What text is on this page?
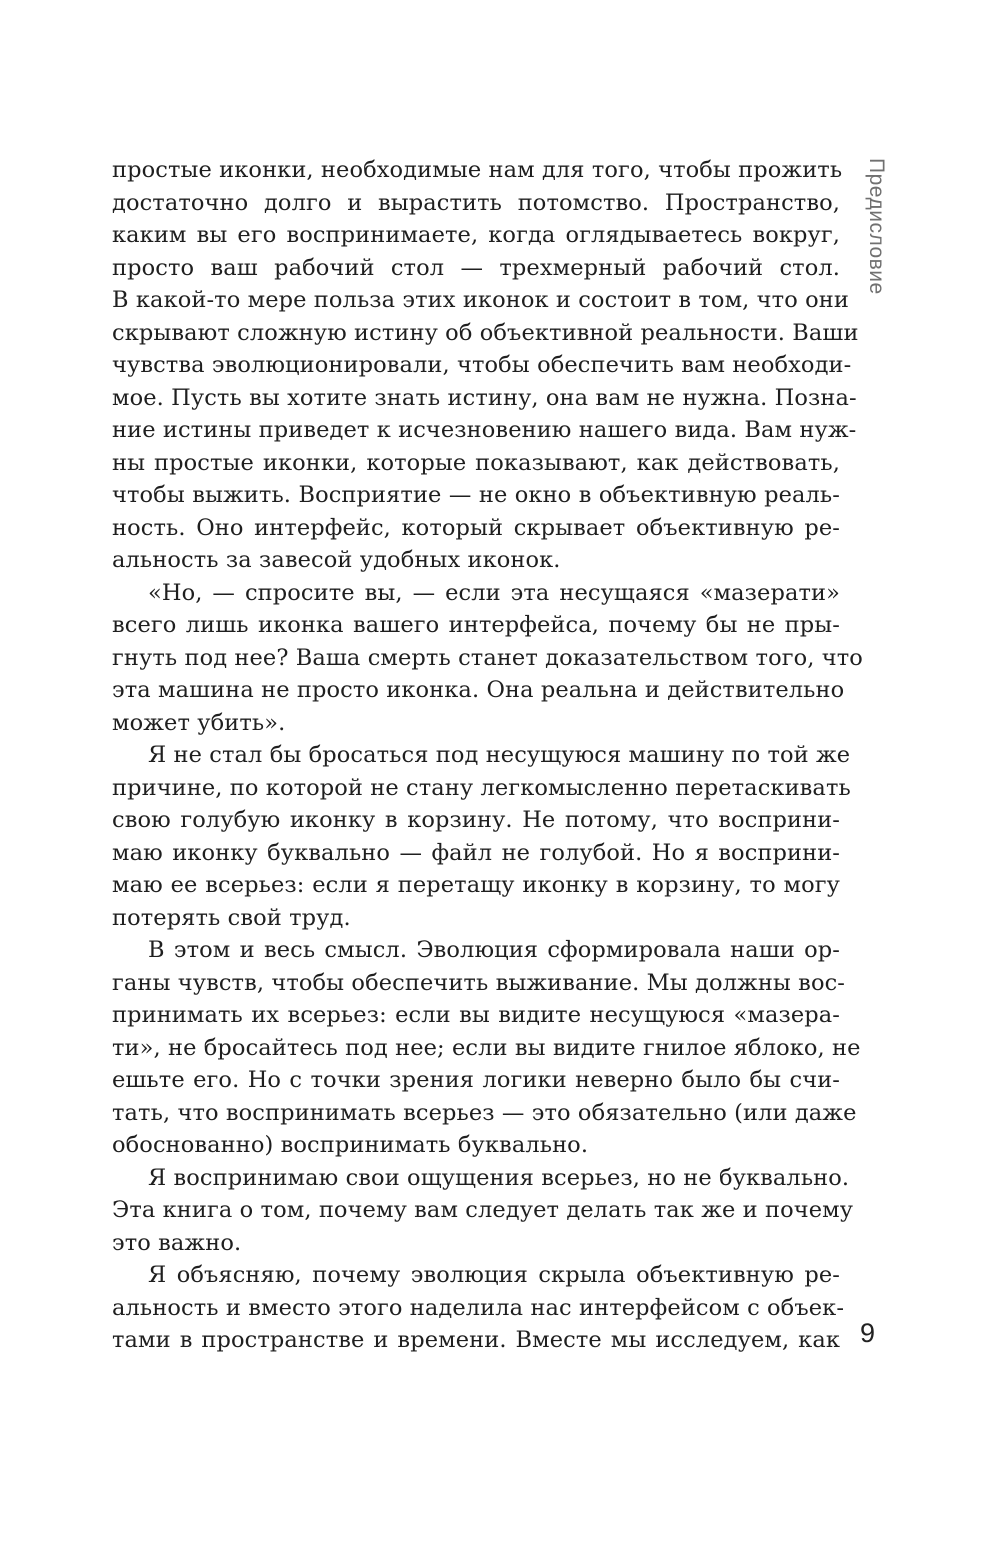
Предисловие
простые иконки, необходимые нам для того, чтобы прожить
достаточно долго и вырастить потомство. Пространство,
каким вы его воспринимаете, когда оглядываетесь вокруг,
просто ваш рабочий стол — трехмерный рабочий стол.
В какой-то мере польза этих иконок и состоит в том, что они
скрывают сложную истину об объективной реальности. Ваши
чувства эволюционировали, чтобы обеспечить вам необходи-
мое. Пусть вы хотите знать истину, она вам не нужна. Позна-
ние истины приведет к исчезновению нашего вида. Вам нуж-
ны простые иконки, которые показывают, как действовать,
чтобы выжить. Восприятие — не окно в объективную реаль-
ность. Оно интерфейс, который скрывает объективную ре-
альность за завесой удобных иконок.
«Но, — спросите вы, — если эта несущаяся «мазерати»
всего лишь иконка вашего интерфейса, почему бы не пры-
гнуть под нее? Ваша смерть станет доказательством того, что
эта машина не просто иконка. Она реальна и действительно
может убить».
Я не стал бы бросаться под несущуюся машину по той же
причине, по которой не стану легкомысленно перетаскивать
свою голубую иконку в корзину. Не потому, что восприни-
маю иконку буквально — файл не голубой. Но я восприни-
маю ее всерьез: если я перетащу иконку в корзину, то могу
потерять свой труд.
В этом и весь смысл. Эволюция сформировала наши ор-
ганы чувств, чтобы обеспечить выживание. Мы должны вос-
принимать их всерьез: если вы видите несущуюся «мазера-
ти», не бросайтесь под нее; если вы видите гнилое яблоко, не
ешьте его. Но с точки зрения логики неверно было бы счи-
тать, что воспринимать всерьез — это обязательно (или даже
обоснованно) воспринимать буквально.
Я воспринимаю свои ощущения всерьез, но не буквально.
Эта книга о том, почему вам следует делать так же и почему
это важно.
Я объясняю, почему эволюция скрыла объективную ре-
альность и вместо этого наделила нас интерфейсом с объек-
тами в пространстве и времени. Вместе мы исследуем, как 9
